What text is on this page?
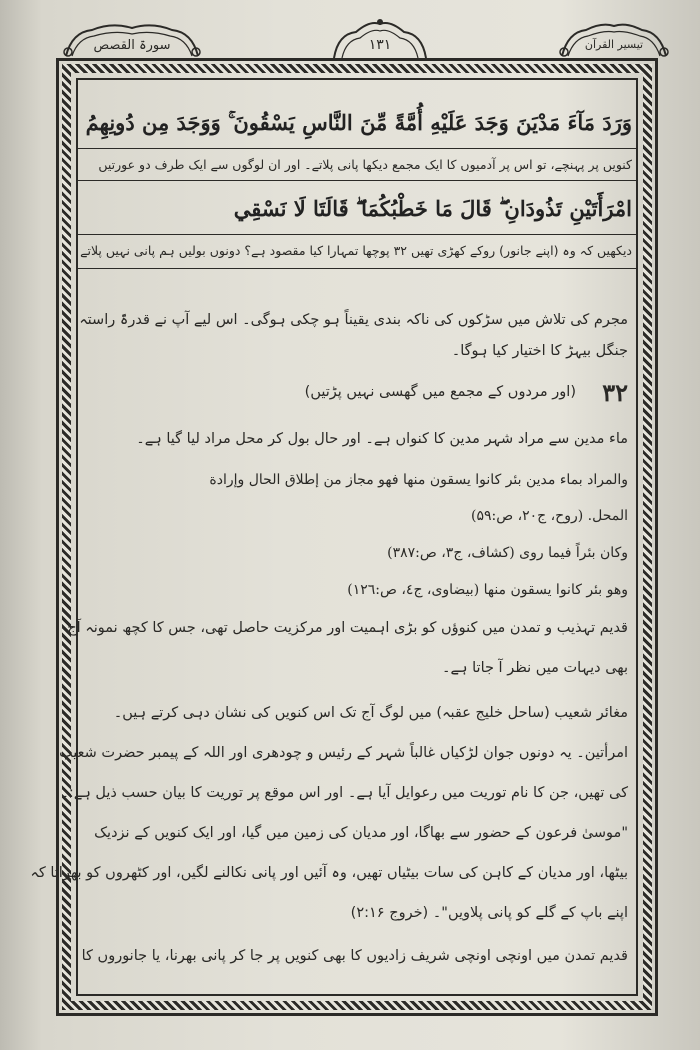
سورۃ القصص	۱۳۱	تیسیر القرآن
وَرَدَ مَآءَ مَدْيَنَ وَجَدَ عَلَيْهِ أُمَّةً مِّنَ النَّاسِ يَسْقُونَ ۚ وَوَجَدَ مِن دُونِهِمُ
کنویں پر پہنچے، تو اس پر آدمیوں کا ایک مجمع دیکھا پانی پلاتے۔ اور ان لوگوں سے ایک طرف دو عورتیں
امْرَأَتَيْنِ تَذُودَانِ ۖ قَالَ مَا خَطْبُكُمَا ۖ قَالَتَا لَا نَسْقِي
دیکھیں کہ وہ (اپنے جانور) روکے کھڑی تھیں ۳۲ پوچھا تمہارا کیا مقصود ہے؟ دونوں بولیں ہم پانی نہیں پلاتے
مجرم کی تلاش میں سڑکوں کی ناکہ بندی یقیناً ہو چکی ہوگی۔ اس لیے آپ نے قدرۃً راستہ
جنگل بیہڑ کا اختیار کیا ہوگا۔
۳۲
(اور مردوں کے مجمع میں گھسی نہیں پڑتیں)
ماء مدین سے مراد شہر مدین کا کنواں ہے۔ اور حال بول کر محل مراد لیا گیا ہے۔
والمراد بماء مدین بئر کانوا یسقون منها فهو مجاز من إطلاق الحال وإرادة
المحل. (روح، ج۲۰، ص:۵۹)
وكان بئراً فيما روى (كشاف، ج۳، ص:۳۸۷)
وهو بئر كانوا يسقون منها (بيضاوى، ج٤، ص:١٢٦)
قدیم تہذیب و تمدن میں کنوؤں کو بڑی اہمیت اور مرکزیت حاصل تھی، جس کا کچھ نمونہ آج
بھی دیہات میں نظر آ جاتا ہے۔
مغائر شعیب (ساحل خلیج عقبہ) میں لوگ آج تک اس کنویں کی نشان دہی کرتے ہیں۔
امرأتین۔ یہ دونوں جوان لڑکیاں غالباً شہر کے رئیس و چودھری اور اللہ کے پیمبر حضرت شعیب
کی تھیں، جن کا نام توریت میں رعوایل آیا ہے۔ اور اس موقع پر توریت کا بیان حسب ذیل ہے:۔
"موسیٰ فرعون کے حضور سے بھاگا، اور مدیان کی زمین میں گیا، اور ایک کنویں کے نزدیک
بیٹھا، اور مدیان کے کاہن کی سات بیٹیاں تھیں، وہ آئیں اور پانی نکالنے لگیں، اور کٹھروں کو بھراتا کہ
اپنے باپ کے گلے کو پانی پلاویں"۔ (خروج ۲:۱۶)
قدیم تمدن میں اونچی اونچی شریف زادیوں کا بھی کنویں پر جا کر پانی بھرنا، یا جانوروں کا
